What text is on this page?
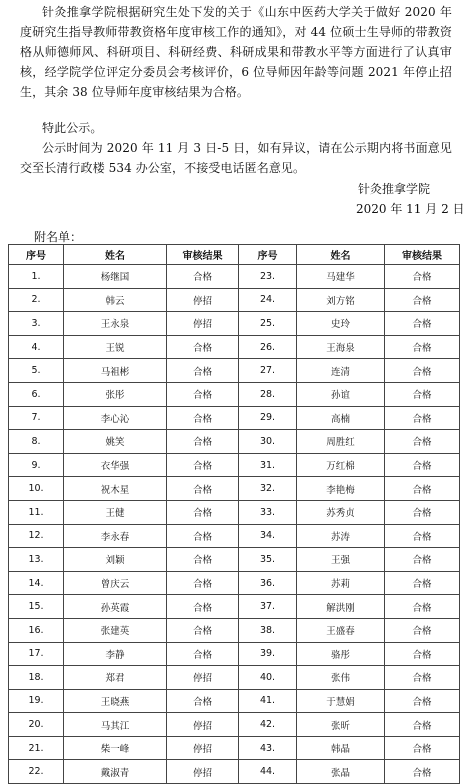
针灸推拿学院根据研究生处下发的关于《山东中医药大学关于做好 2020 年度研究生指导教师带教资格年度审核工作的通知》，对 44 位硕士生导师的带教资格从师德师风、科研项目、科研经费、科研成果和带教水平等方面进行了认真审核，经学院学位评定分委员会考核评价，6 位导师因年龄等问题 2021 年停止招生，其余 38 位导师年度审核结果为合格。

特此公示。

公示时间为 2020 年 11 月 3 日-5 日，如有异议，请在公示期内将书面意见交至长清行政楼 534 办公室，不接受电话匿名意见。

针灸推拿学院
2020 年 11 月 2 日
附名单：
序号	姓名	审核结果	序号	姓名	审核结果
1.	杨继国	合格	23.	马建华	合格
2.	韩云	停招	24.	刘方铭	合格
3.	王永泉	停招	25.	史玲	合格
4.	王锐	合格	26.	王海泉	合格
5.	马祖彬	合格	27.	连清	合格
6.	张彤	合格	28.	孙谊	合格
7.	李心沁	合格	29.	高楠	合格
8.	姚笑	合格	30.	周胜红	合格
9.	衣华强	合格	31.	万红棉	合格
10.	祝木星	合格	32.	李艳梅	合格
11.	王健	合格	33.	苏秀贞	合格
12.	李永春	合格	34.	苏涛	合格
13.	刘颖	合格	35.	王强	合格
14.	曾庆云	合格	36.	苏莉	合格
15.	孙英霞	合格	37.	解洪刚	合格
16.	张建英	合格	38.	王盛春	合格
17.	李静	合格	39.	骆彤	合格
18.	郑君	停招	40.	张伟	合格
19.	王晓燕	合格	41.	于慧娟	合格
20.	马其江	停招	42.	张昕	合格
21.	柴一峰	停招	43.	韩晶	合格
22.	戴淑青	停招	44.	张晶	合格
